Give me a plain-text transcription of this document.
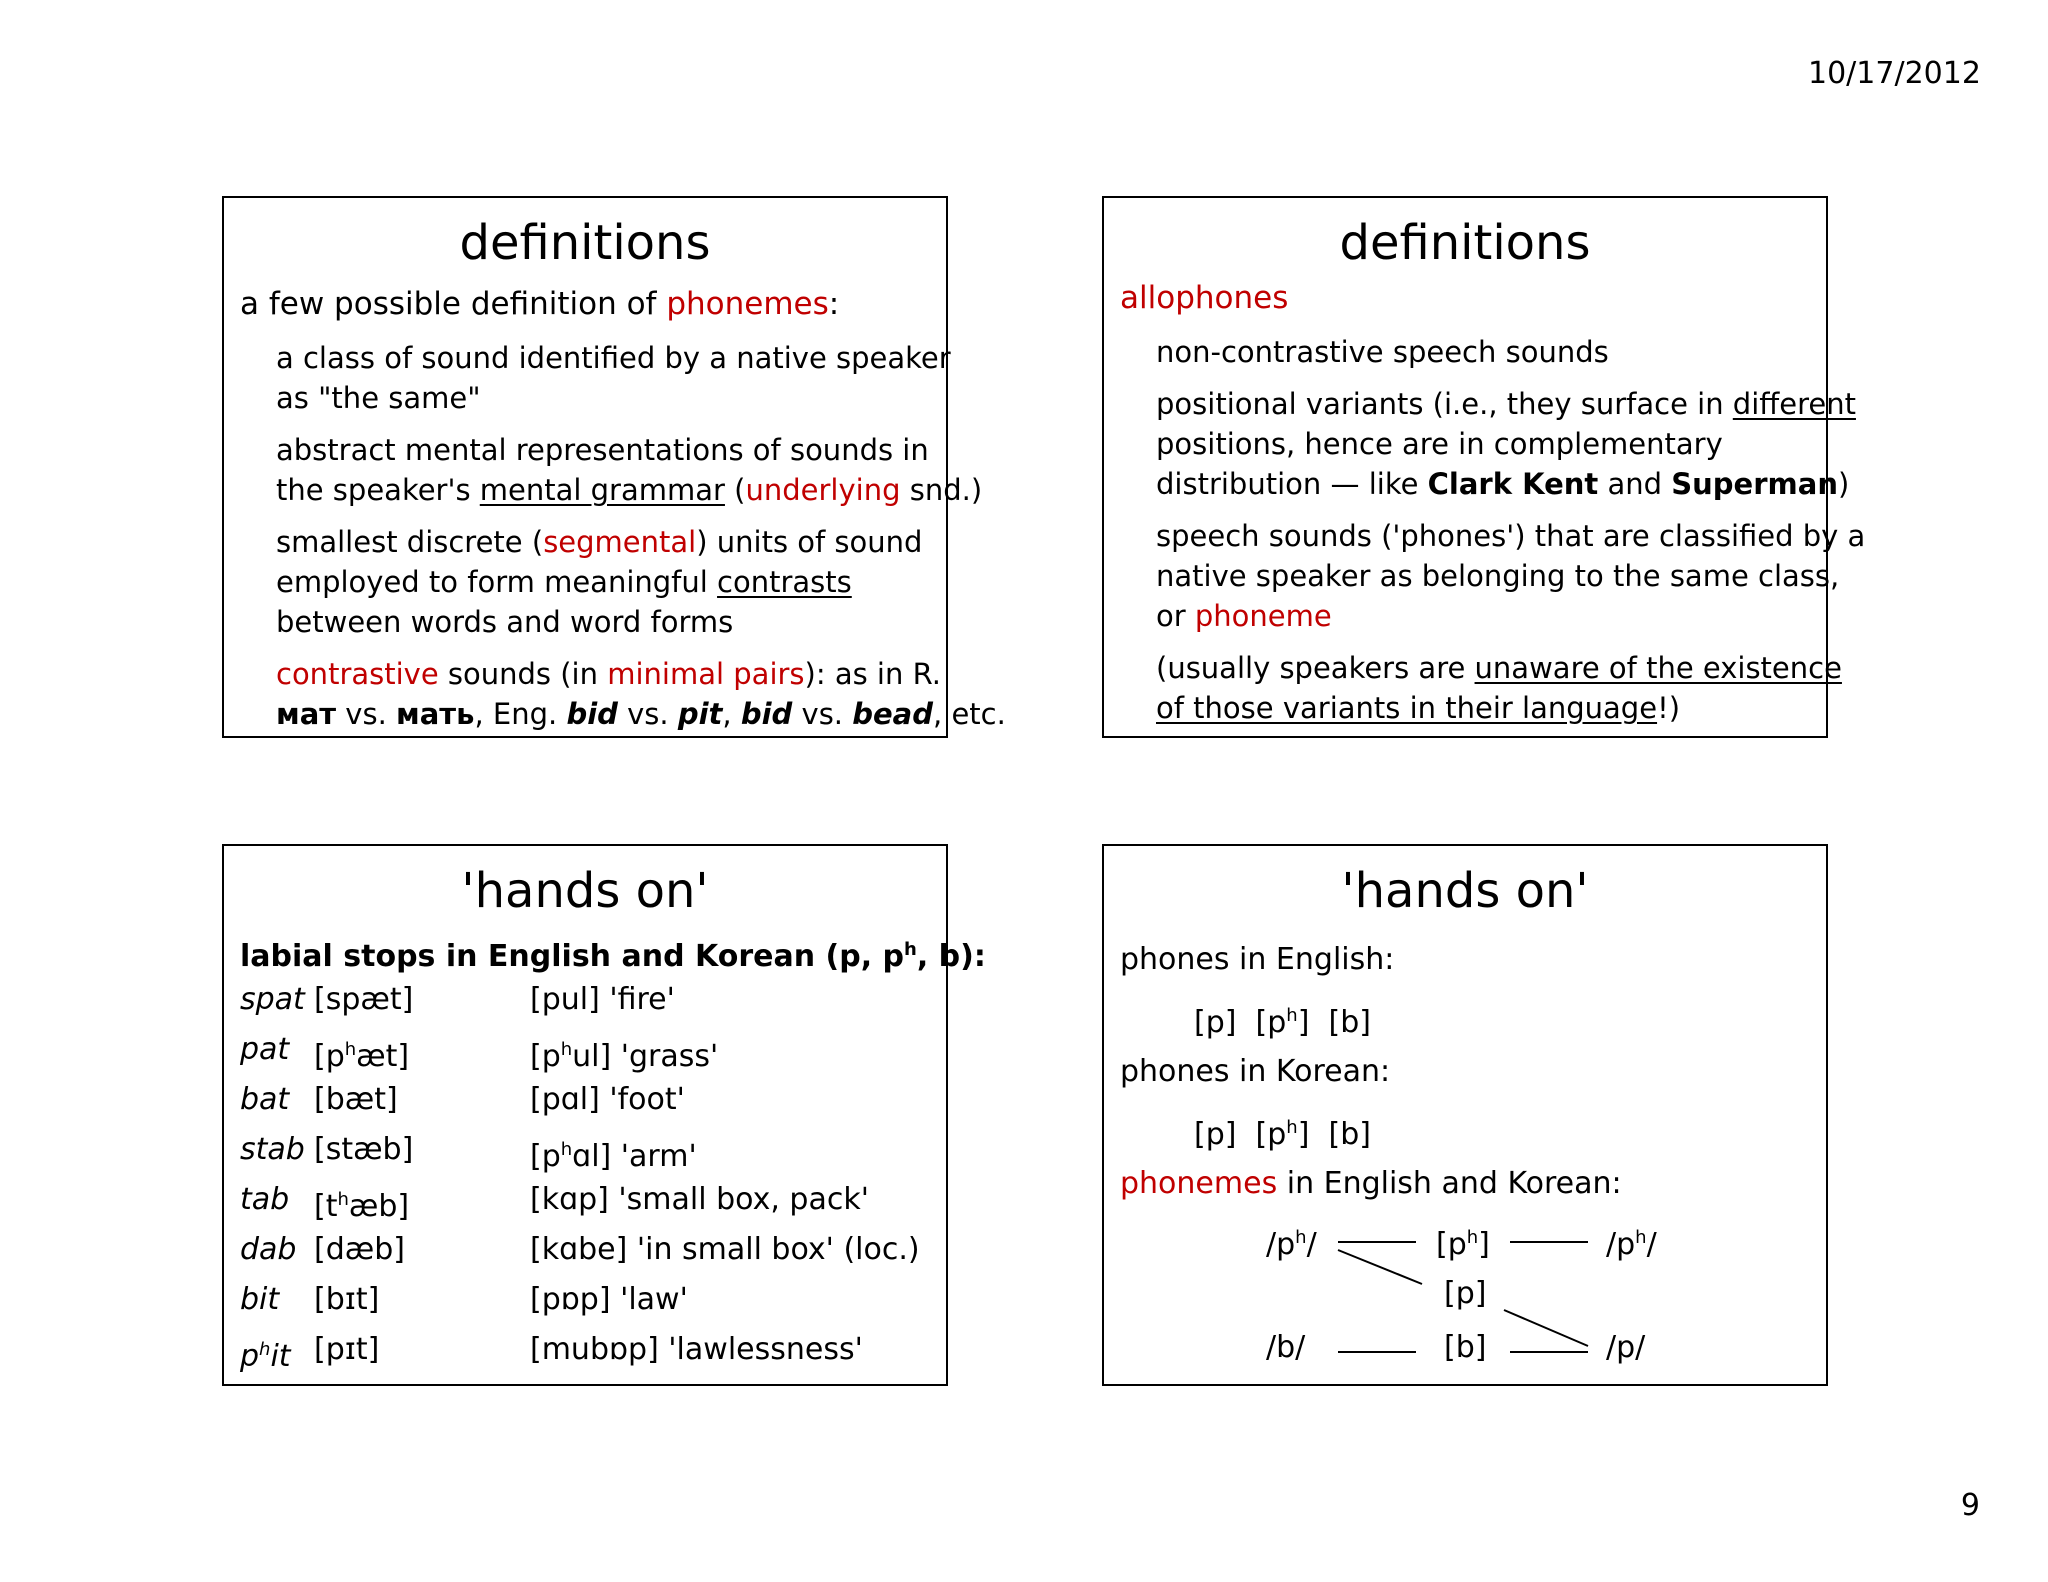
10/17/2012
definitions
a few possible definition of phonemes:
a class of sound identified by a native speaker
as "the same"
abstract mental representations of sounds in
the speaker's mental grammar (underlying snd.)
smallest discrete (segmental) units of sound
employed to form meaningful contrasts
between words and word forms
contrastive sounds (in minimal pairs): as in R.
мат vs. мать, Eng. bid vs. pit, bid vs. bead, etc.
definitions
allophones
non-contrastive speech sounds
positional variants (i.e., they surface in different
positions, hence are in complementary
distribution — like Clark Kent and Superman)
speech sounds ('phones') that are classified by a
native speaker as belonging to the same class,
or phoneme
(usually speakers are unaware of the existence
of those variants in their language!)
'hands on'
labial stops in English and Korean (p, $p^h$, b):
spat [spæt]	[pul] 'fire'
pat $[p^hæt]$	$[p^hul]$ 'grass'
bat [bæt]	[pɑl] 'foot'
stab [stæb]	$[p^hɑl]$ 'arm'
tab $[t^hæb]$	[kɑp] 'small box, pack'
dab [dæb]	[kɑbe] 'in small box' (loc.)
bit [bɪt]	[pɒp] 'law'
$p^hit$ [pɪt]	[mubɒp] 'lawlessness'
'hands on'
phones in English:
[p] $[p^h]$ [b]
phones in Korean:
[p] $[p^h]$ [b]
phonemes in English and Korean:
$/p^h/$	$[p^h]$	$/p^h/$
[p]
/b/	[b]	/p/
9
